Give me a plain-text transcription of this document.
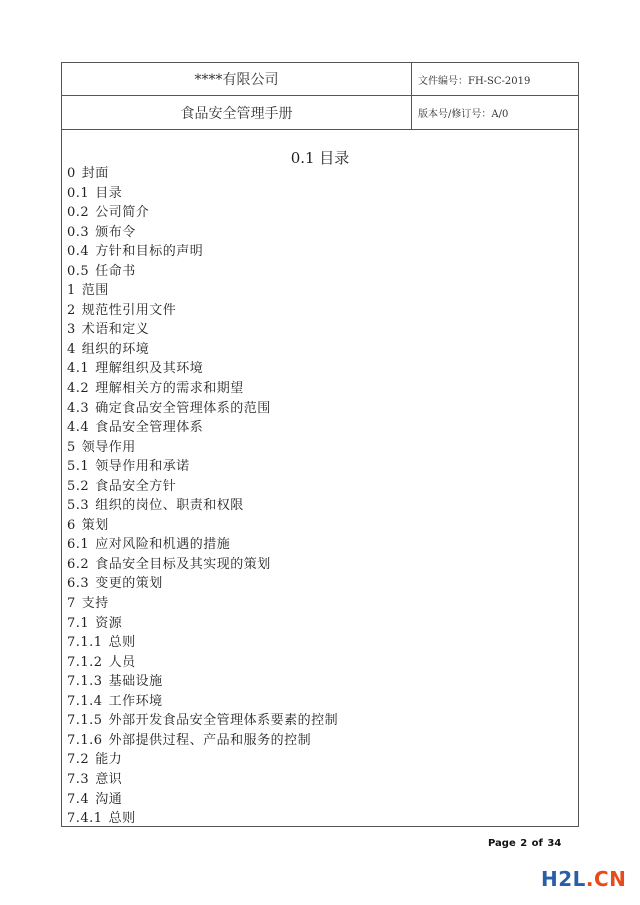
****有限公司	文件编号：FH-SC-2019
食品安全管理手册	版本号/修订号：A/0
0.1 目录
0 封面
0.1 目录
0.2 公司简介
0.3 颁布令
0.4 方针和目标的声明
0.5 任命书
1 范围
2 规范性引用文件
3 术语和定义
4 组织的环境
4.1 理解组织及其环境
4.2 理解相关方的需求和期望
4.3 确定食品安全管理体系的范围
4.4 食品安全管理体系
5 领导作用
5.1 领导作用和承诺
5.2 食品安全方针
5.3 组织的岗位、职责和权限
6 策划
6.1 应对风险和机遇的措施
6.2 食品安全目标及其实现的策划
6.3 变更的策划
7 支持
7.1 资源
7.1.1 总则
7.1.2 人员
7.1.3 基础设施
7.1.4 工作环境
7.1.5 外部开发食品安全管理体系要素的控制
7.1.6 外部提供过程、产品和服务的控制
7.2 能力
7.3 意识
7.4 沟通
7.4.1 总则
Page 2 of 34
H2L.CN
